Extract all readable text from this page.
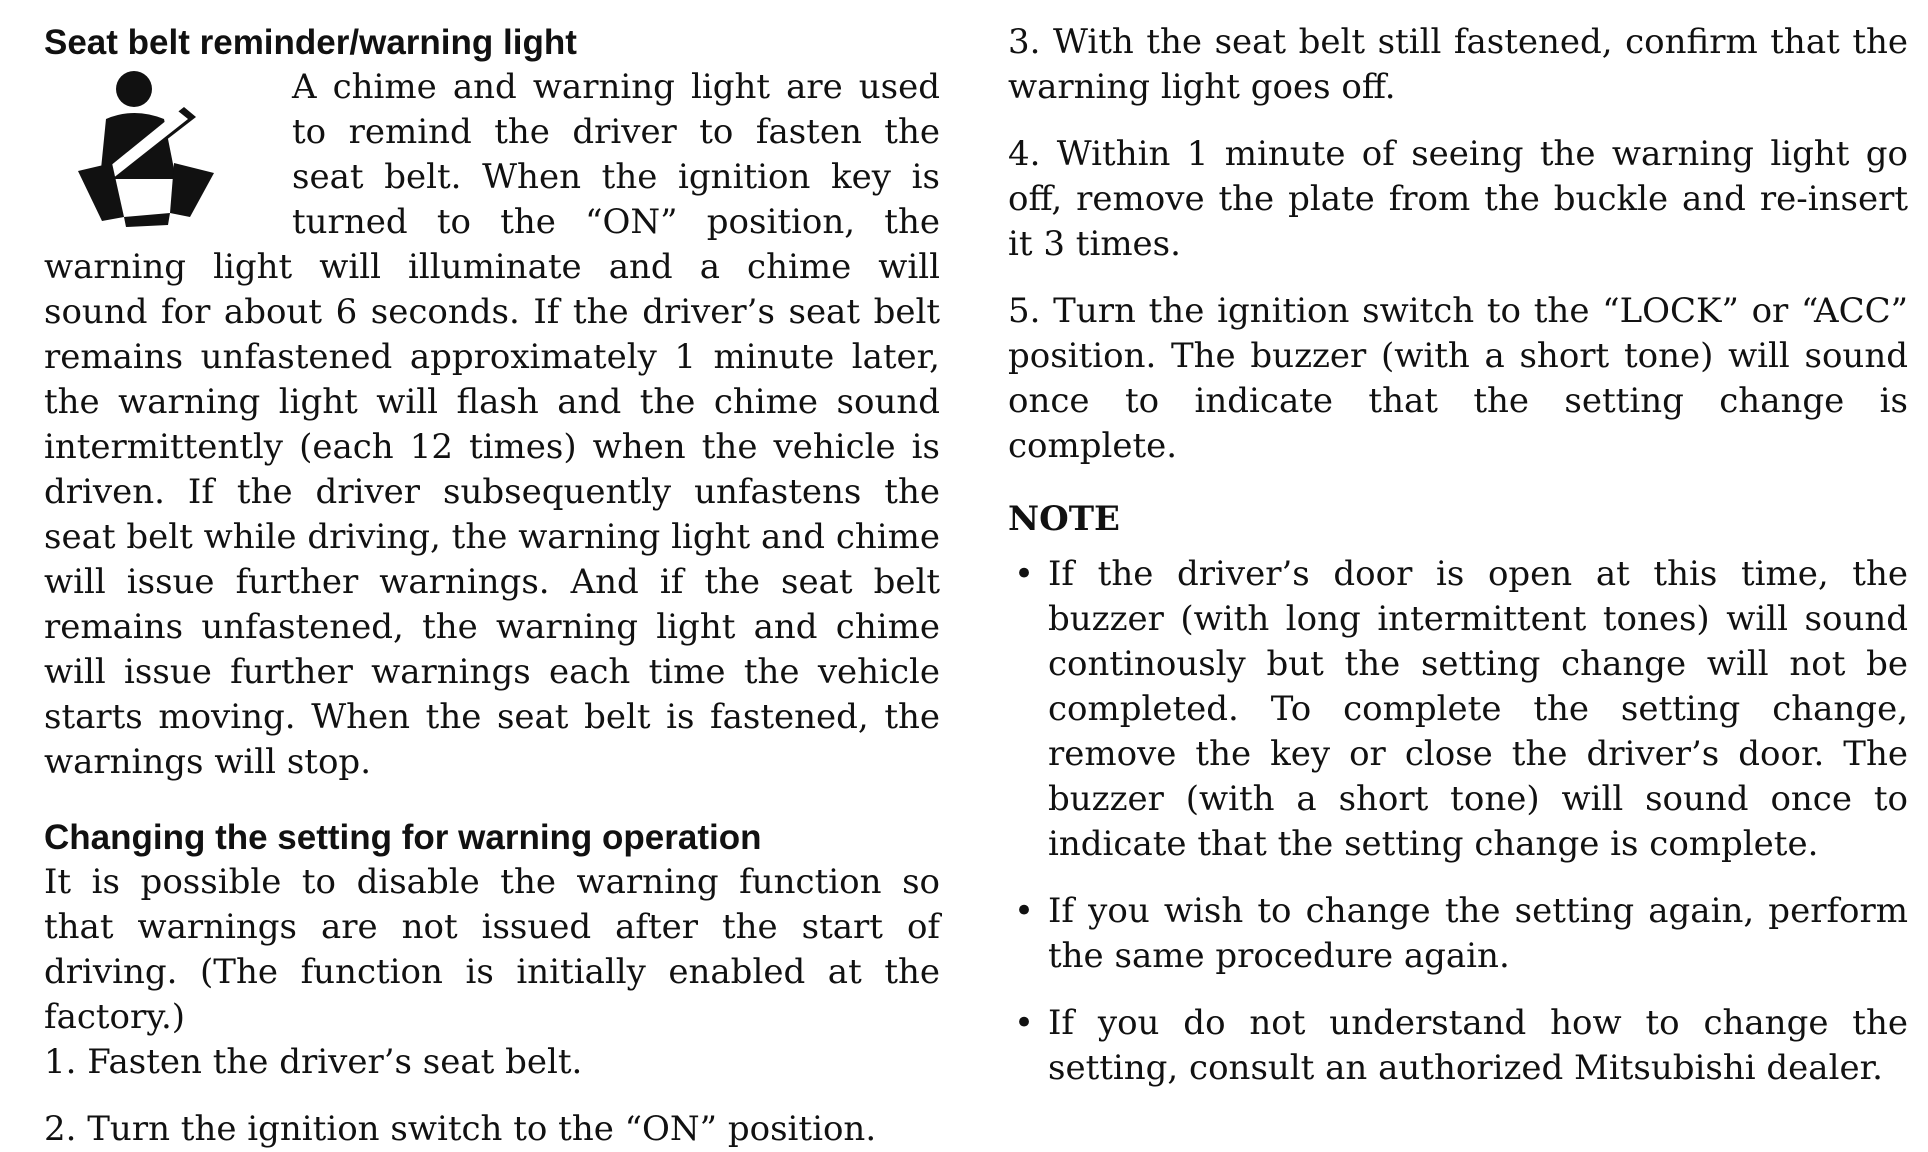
Seat belt reminder/warning light

A chime and warning light are used to remind the driver to fasten the seat belt. When the ignition key is turned to the “ON” position, the warning light will illuminate and a chime will sound for about 6 seconds. If the driver’s seat belt remains unfastened approximately 1 minute later, the warning light will flash and the chime sound intermittently (each 12 times) when the vehicle is driven. If the driver subsequently unfastens the seat belt while driving, the warning light and chime will issue further warnings. And if the seat belt remains unfastened, the warning light and chime will issue further warnings each time the vehicle starts moving. When the seat belt is fastened, the warnings will stop.

Changing the setting for warning operation

It is possible to disable the warning function so that warnings are not issued after the start of driving. (The function is initially enabled at the factory.)

1. Fasten the driver’s seat belt.

2. Turn the ignition switch to the “ON” position.

3. With the seat belt still fastened, confirm that the warning light goes off.

4. Within 1 minute of seeing the warning light go off, remove the plate from the buckle and re-insert it 3 times.

5. Turn the ignition switch to the “LOCK” or “ACC” position. The buzzer (with a short tone) will sound once to indicate that the setting change is complete.

NOTE
• If the driver’s door is open at this time, the buzzer (with long intermittent tones) will sound continously but the setting change will not be completed. To complete the setting change, remove the key or close the driver’s door. The buzzer (with a short tone) will sound once to indicate that the setting change is complete.
• If you wish to change the setting again, perform the same procedure again.
• If you do not understand how to change the setting, consult an authorized Mitsubishi dealer.
